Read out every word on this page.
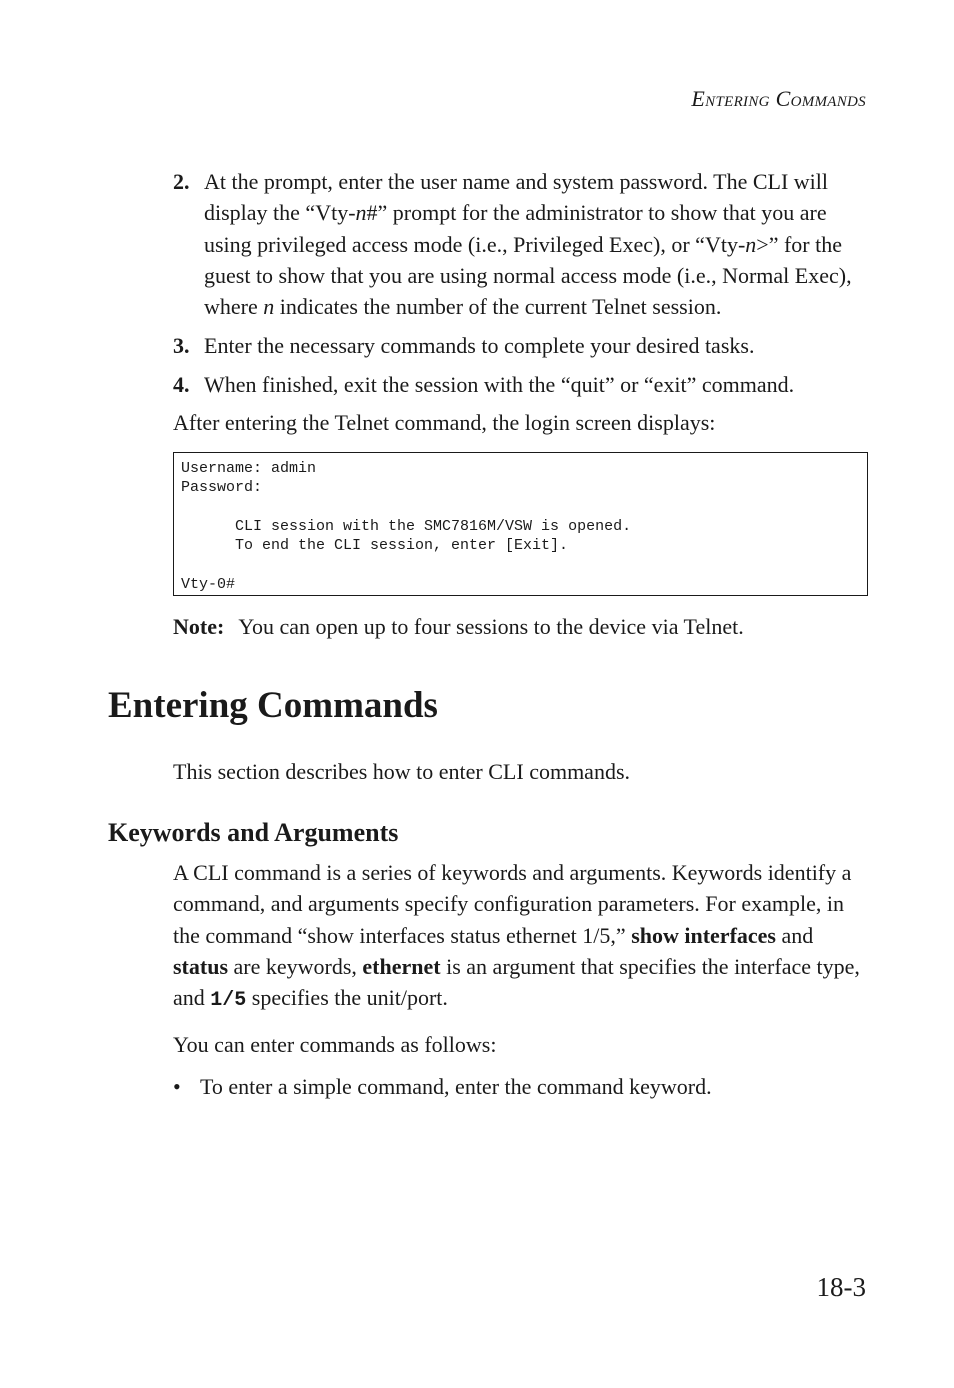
ENTERING COMMANDS
2. At the prompt, enter the user name and system password. The CLI will display the “Vty-n#” prompt for the administrator to show that you are using privileged access mode (i.e., Privileged Exec), or “Vty-n>” for the guest to show that you are using normal access mode (i.e., Normal Exec), where n indicates the number of the current Telnet session.
3. Enter the necessary commands to complete your desired tasks.
4. When finished, exit the session with the “quit” or “exit” command.
After entering the Telnet command, the login screen displays:
Username: admin
Password:

CLI session with the SMC7816M/VSW is opened.
To end the CLI session, enter [Exit].

Vty-0#
Note: You can open up to four sessions to the device via Telnet.
Entering Commands
This section describes how to enter CLI commands.
Keywords and Arguments
A CLI command is a series of keywords and arguments. Keywords identify a command, and arguments specify configuration parameters. For example, in the command “show interfaces status ethernet 1/5,” show interfaces and status are keywords, ethernet is an argument that specifies the interface type, and 1/5 specifies the unit/port.
You can enter commands as follows:
• To enter a simple command, enter the command keyword.
18-3
